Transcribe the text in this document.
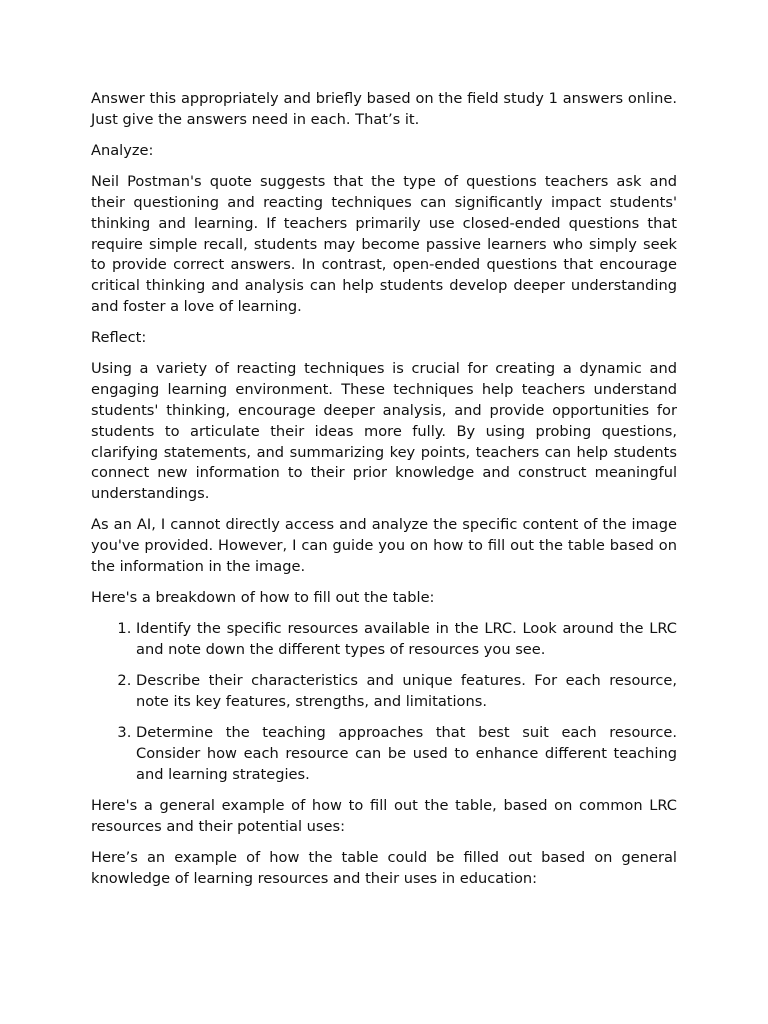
Answer this appropriately and briefly based on the field study 1 answers online. Just give the answers need in each. That’s it.

Analyze:

Neil Postman's quote suggests that the type of questions teachers ask and their questioning and reacting techniques can significantly impact students' thinking and learning. If teachers primarily use closed-ended questions that require simple recall, students may become passive learners who simply seek to provide correct answers. In contrast, open-ended questions that encourage critical thinking and analysis can help students develop deeper understanding and foster a love of learning.

Reflect:

Using a variety of reacting techniques is crucial for creating a dynamic and engaging learning environment. These techniques help teachers understand students' thinking, encourage deeper analysis, and provide opportunities for students to articulate their ideas more fully. By using probing questions, clarifying statements, and summarizing key points, teachers can help students connect new information to their prior knowledge and construct meaningful understandings.

As an AI, I cannot directly access and analyze the specific content of the image you've provided. However, I can guide you on how to fill out the table based on the information in the image.

Here's a breakdown of how to fill out the table:

1. Identify the specific resources available in the LRC. Look around the LRC and note down the different types of resources you see.
2. Describe their characteristics and unique features. For each resource, note its key features, strengths, and limitations.
3. Determine the teaching approaches that best suit each resource. Consider how each resource can be used to enhance different teaching and learning strategies.

Here's a general example of how to fill out the table, based on common LRC resources and their potential uses:

Here’s an example of how the table could be filled out based on general knowledge of learning resources and their uses in education:
